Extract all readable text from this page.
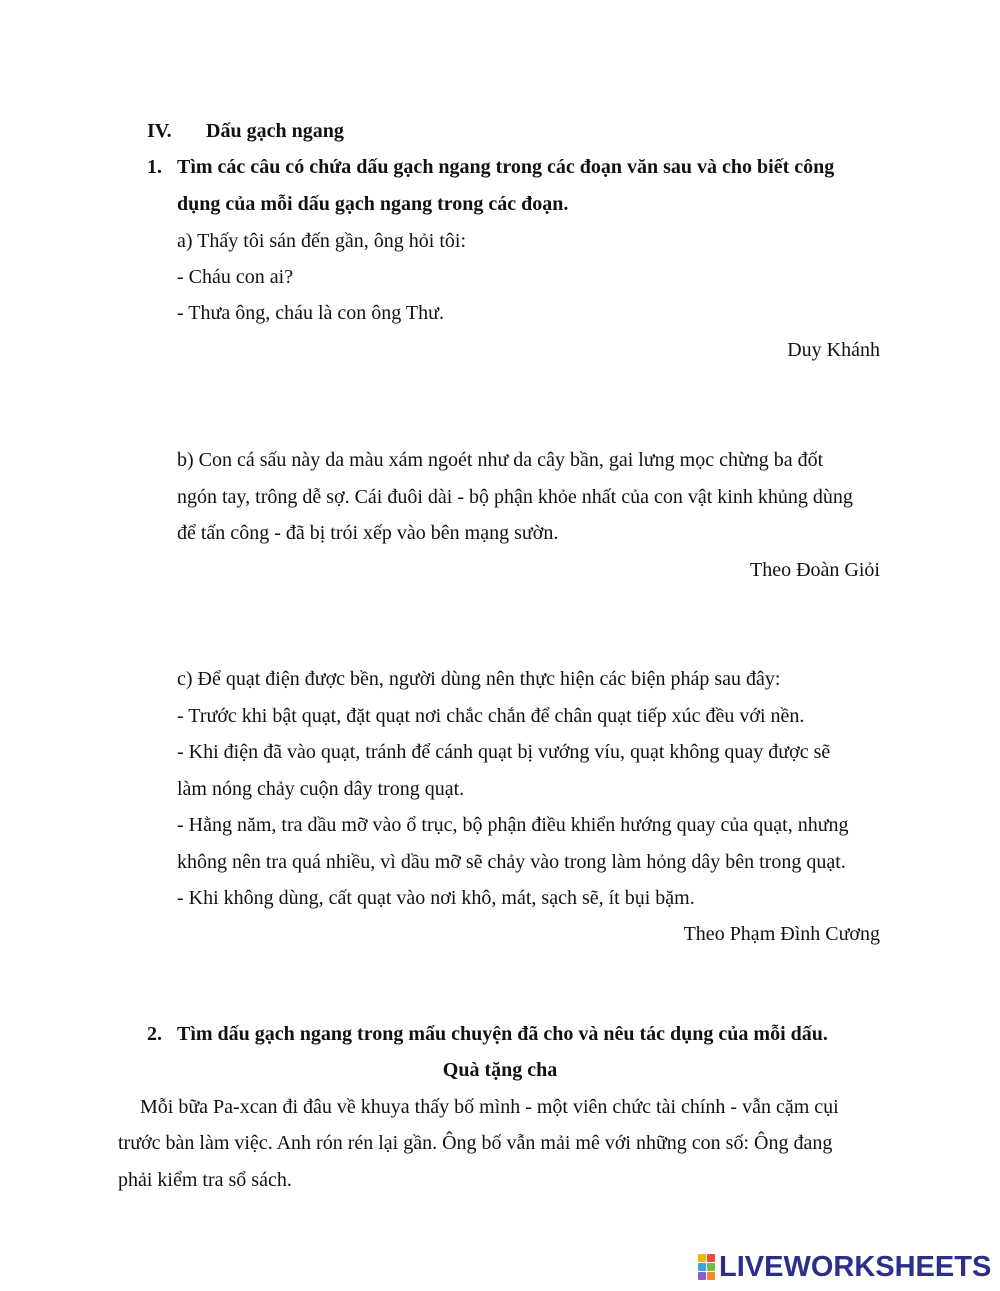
IV. Dấu gạch ngang
1. Tìm các câu có chứa dấu gạch ngang trong các đoạn văn sau và cho biết công
dụng của mỗi dấu gạch ngang trong các đoạn.
a) Thấy tôi sán đến gần, ông hỏi tôi:
- Cháu con ai?
- Thưa ông, cháu là con ông Thư.
Duy Khánh
b) Con cá sấu này da màu xám ngoét như da cây bần, gai lưng mọc chừng ba đốt
ngón tay, trông dễ sợ. Cái đuôi dài - bộ phận khỏe nhất của con vật kinh khủng dùng
để tấn công - đã bị trói xếp vào bên mạng sườn.
Theo Đoàn Giỏi
c) Để quạt điện được bền, người dùng nên thực hiện các biện pháp sau đây:
- Trước khi bật quạt, đặt quạt nơi chắc chắn để chân quạt tiếp xúc đều với nền.
- Khi điện đã vào quạt, tránh để cánh quạt bị vướng víu, quạt không quay được sẽ
làm nóng chảy cuộn dây trong quạt.
- Hằng năm, tra dầu mỡ vào ổ trục, bộ phận điều khiển hướng quay của quạt, nhưng
không nên tra quá nhiều, vì dầu mỡ sẽ chảy vào trong làm hỏng dây bên trong quạt.
- Khi không dùng, cất quạt vào nơi khô, mát, sạch sẽ, ít bụi bặm.
Theo Phạm Đình Cương
2. Tìm dấu gạch ngang trong mẩu chuyện đã cho và nêu tác dụng của mỗi dấu.
Quà tặng cha
Mỗi bữa Pa-xcan đi đâu về khuya thấy bố mình - một viên chức tài chính - vẫn cặm cụi
trước bàn làm việc. Anh rón rén lại gần. Ông bố vẫn mải mê với những con số: Ông đang
phải kiểm tra sổ sách.
LIVEWORKSHEETS
